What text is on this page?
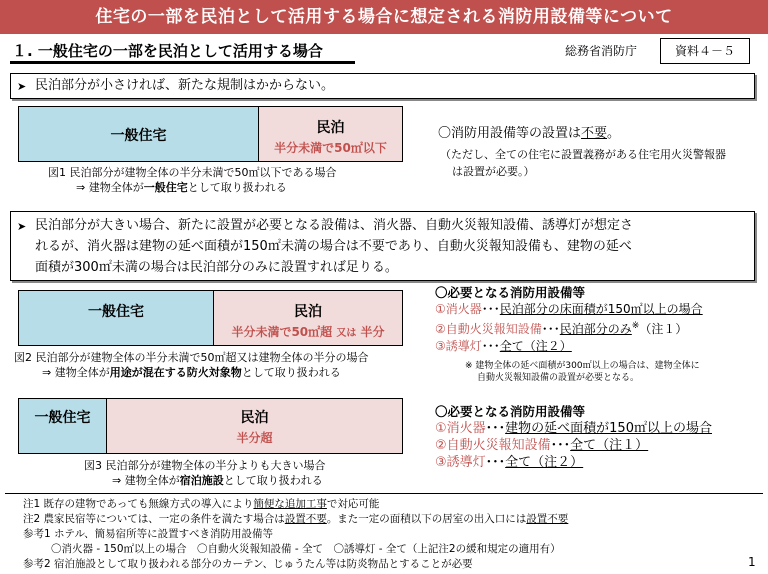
住宅の一部を民泊として活用する場合に想定される消防用設備等について
１. 一般住宅の一部を民泊として活用する場合	総務省消防庁	資料４－５
➤ 民泊部分が小さければ、新たな規制はかからない。
一般住宅	民泊
半分未満で50㎡以下
図1 民泊部分が建物全体の半分未満で50㎡以下である場合
⇒ 建物全体が一般住宅として取り扱われる
〇消防用設備等の設置は不要。
（ただし、全ての住宅に設置義務がある住宅用火災警報器
は設置が必要。）
➤ 民泊部分が大きい場合、新たに設置が必要となる設備は、消火器、自動火災報知設備、誘導灯が想定さ
れるが、消火器は建物の延べ面積が150㎡未満の場合は不要であり、自動火災報知設備も、建物の延べ
面積が300㎡未満の場合は民泊部分のみに設置すれば足りる。
一般住宅	民泊
半分未満で50㎡超 又は 半分
図2 民泊部分が建物全体の半分未満で50㎡超又は建物全体の半分の場合
⇒ 建物全体が用途が混在する防火対象物として取り扱われる
〇必要となる消防用設備等
①消火器･･･民泊部分の床面積が150㎡以上の場合
②自動火災報知設備･･･民泊部分のみ※（注１）
③誘導灯･･･全て（注２）
※ 建物全体の延べ面積が300㎡以上の場合は、建物全体に
自動火災報知設備の設置が必要となる。
一般住宅	民泊
半分超
図3 民泊部分が建物全体の半分よりも大きい場合
⇒ 建物全体が宿泊施設として取り扱われる
〇必要となる消防用設備等
①消火器･･･建物の延べ面積が150㎡以上の場合
②自動火災報知設備･･･全て（注１）
③誘導灯･･･全て（注２）
注1 既存の建物であっても無線方式の導入により簡便な追加工事で対応可能
注2 農家民宿等については、一定の条件を満たす場合は設置不要。また一定の面積以下の居室の出入口には設置不要
参考1 ホテル、簡易宿所等に設置すべき消防用設備等
〇消火器 - 150㎡以上の場合　〇自動火災報知設備 - 全て　〇誘導灯 - 全て（上記注2の緩和規定の適用有）
参考2 宿泊施設として取り扱われる部分のカーテン、じゅうたん等は防炎物品とすることが必要	1
